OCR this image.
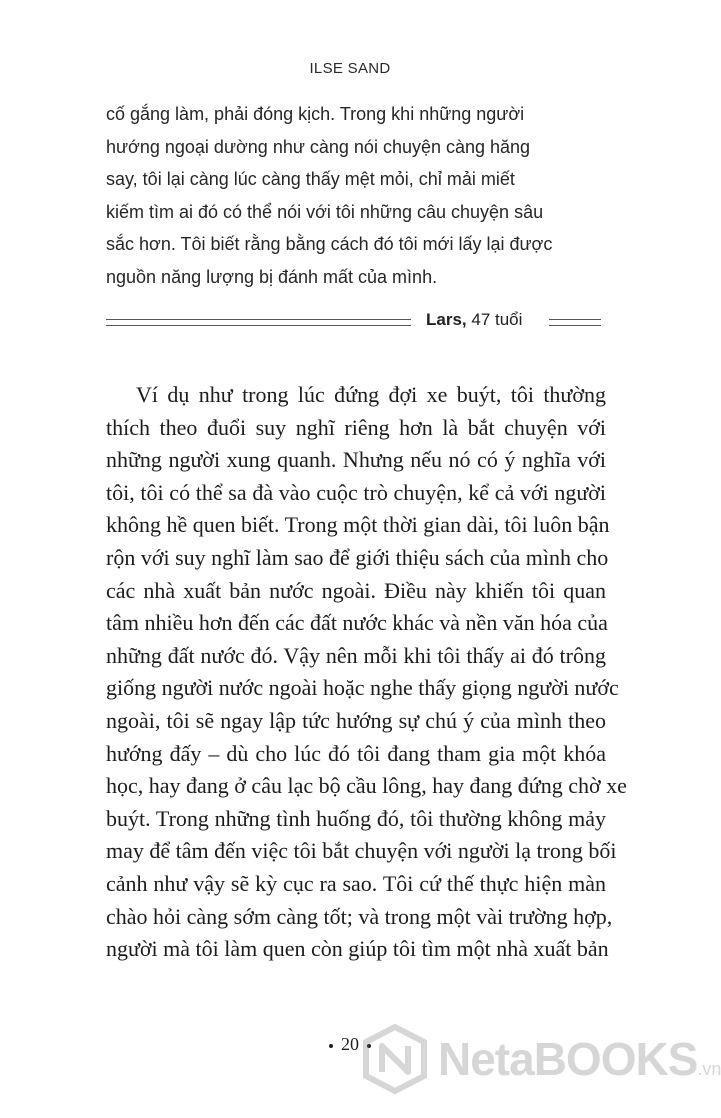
ILSE SAND
cố gắng làm, phải đóng kịch. Trong khi những người
hướng ngoại dường như càng nói chuyện càng hăng
say, tôi lại càng lúc càng thấy mệt mỏi, chỉ mải miết
kiếm tìm ai đó có thể nói với tôi những câu chuyện sâu
sắc hơn. Tôi biết rằng bằng cách đó tôi mới lấy lại được
nguồn năng lượng bị đánh mất của mình.
Lars, 47 tuổi
Ví dụ như trong lúc đứng đợi xe buýt, tôi thường
thích theo đuổi suy nghĩ riêng hơn là bắt chuyện với
những người xung quanh. Nhưng nếu nó có ý nghĩa với
tôi, tôi có thể sa đà vào cuộc trò chuyện, kể cả với người
không hề quen biết. Trong một thời gian dài, tôi luôn bận
rộn với suy nghĩ làm sao để giới thiệu sách của mình cho
các nhà xuất bản nước ngoài. Điều này khiến tôi quan
tâm nhiều hơn đến các đất nước khác và nền văn hóa của
những đất nước đó. Vậy nên mỗi khi tôi thấy ai đó trông
giống người nước ngoài hoặc nghe thấy giọng người nước
ngoài, tôi sẽ ngay lập tức hướng sự chú ý của mình theo
hướng đấy – dù cho lúc đó tôi đang tham gia một khóa
học, hay đang ở câu lạc bộ cầu lông, hay đang đứng chờ xe
buýt. Trong những tình huống đó, tôi thường không mảy
may để tâm đến việc tôi bắt chuyện với người lạ trong bối
cảnh như vậy sẽ kỳ cục ra sao. Tôi cứ thế thực hiện màn
chào hỏi càng sớm càng tốt; và trong một vài trường hợp,
người mà tôi làm quen còn giúp tôi tìm một nhà xuất bản
20	NetaBOOKS.vn
